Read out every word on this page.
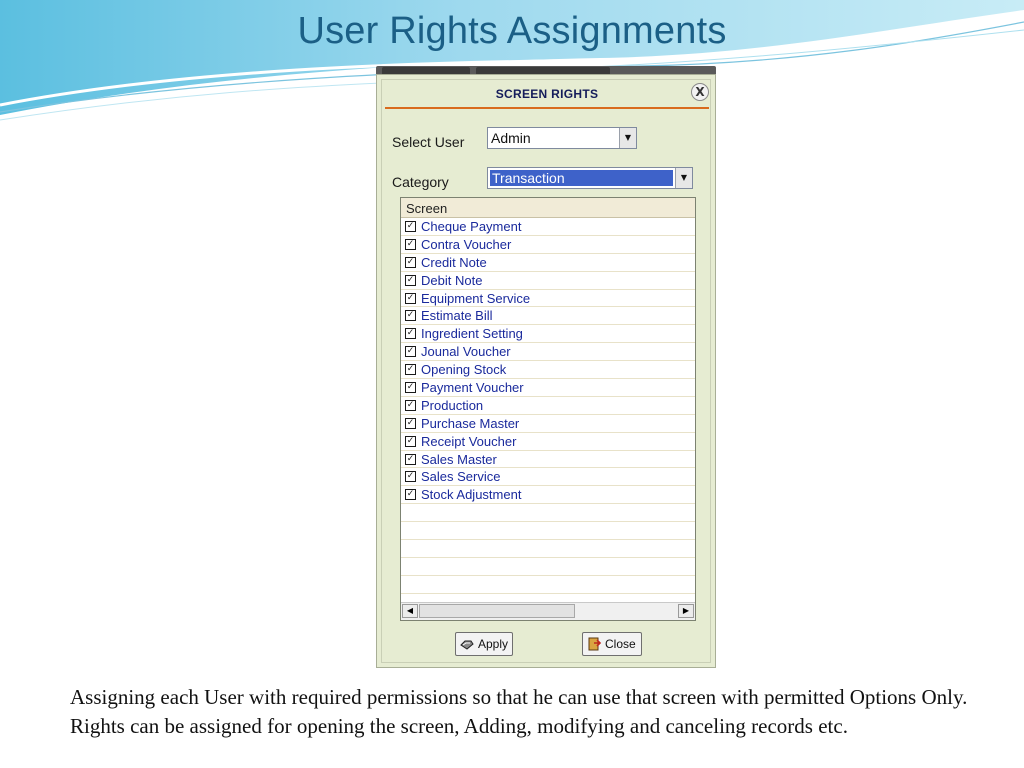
User Rights Assignments
SCREEN RIGHTS	X
Select User Admin	▼
Category	Transaction	▼
Screen
✓ Cheque Payment
✓ Contra Voucher
✓ Credit Note
✓ Debit Note
✓ Equipment Service
✓ Estimate Bill
✓ Ingredient Setting
✓ Jounal Voucher
✓ Opening Stock
✓ Payment Voucher
✓ Production
✓ Purchase Master
✓ Receipt Voucher
✓ Sales Master
✓ Sales Service
✓ Stock Adjustment
◀	▶
Apply	Close
Assigning each User with required permissions so that he can use that screen with permitted Options Only. Rights can be assigned for opening the screen, Adding, modifying and canceling records etc.
